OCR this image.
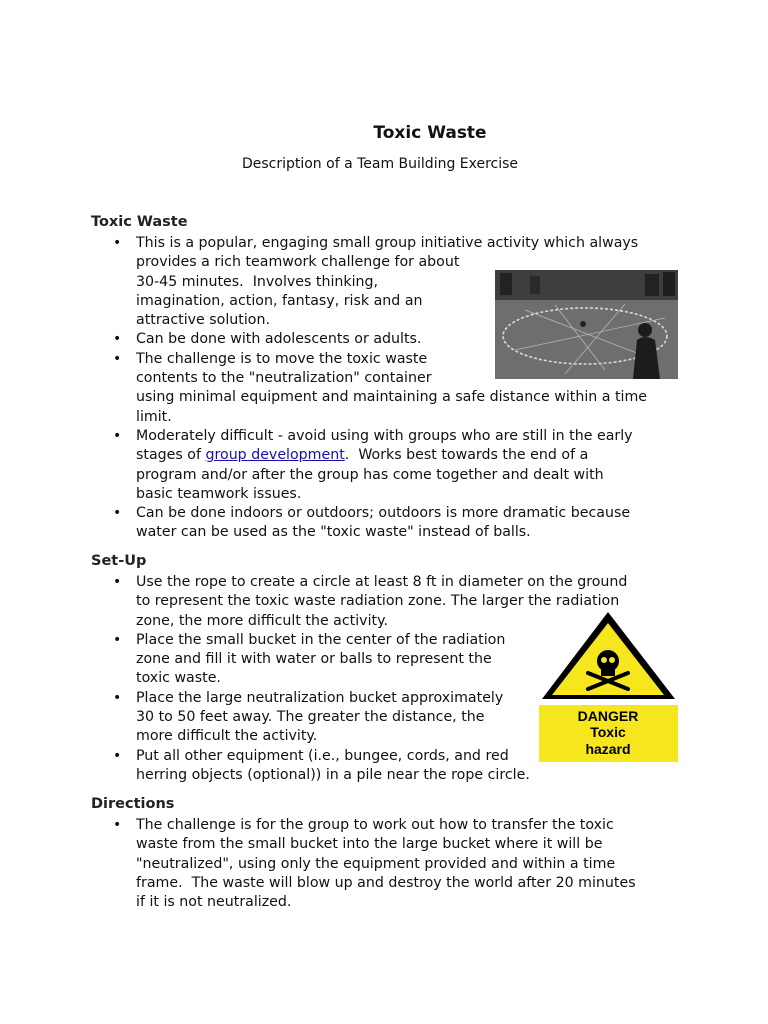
Toxic Waste
Description of a Team Building Exercise
Toxic Waste
• This is a popular, engaging small group initiative activity which always
provides a rich teamwork challenge for about
30-45 minutes.  Involves thinking,
imagination, action, fantasy, risk and an
attractive solution.
• Can be done with adolescents or adults.
• The challenge is to move the toxic waste
contents to the "neutralization" container
using minimal equipment and maintaining a safe distance within a time
limit.
• Moderately difficult - avoid using with groups who are still in the early
stages of group development.  Works best towards the end of a
program and/or after the group has come together and dealt with
basic teamwork issues.
• Can be done indoors or outdoors; outdoors is more dramatic because
water can be used as the "toxic waste" instead of balls.
Set-Up
• Use the rope to create a circle at least 8 ft in diameter on the ground
to represent the toxic waste radiation zone. The larger the radiation
zone, the more difficult the activity.
• Place the small bucket in the center of the radiation
zone and fill it with water or balls to represent the
toxic waste.
• Place the large neutralization bucket approximately
30 to 50 feet away. The greater the distance, the
more difficult the activity.
• Put all other equipment (i.e., bungee, cords, and red
herring objects (optional)) in a pile near the rope circle.
DANGER
Toxic
hazard
Directions
• The challenge is for the group to work out how to transfer the toxic
waste from the small bucket into the large bucket where it will be
"neutralized", using only the equipment provided and within a time
frame.  The waste will blow up and destroy the world after 20 minutes
if it is not neutralized.
